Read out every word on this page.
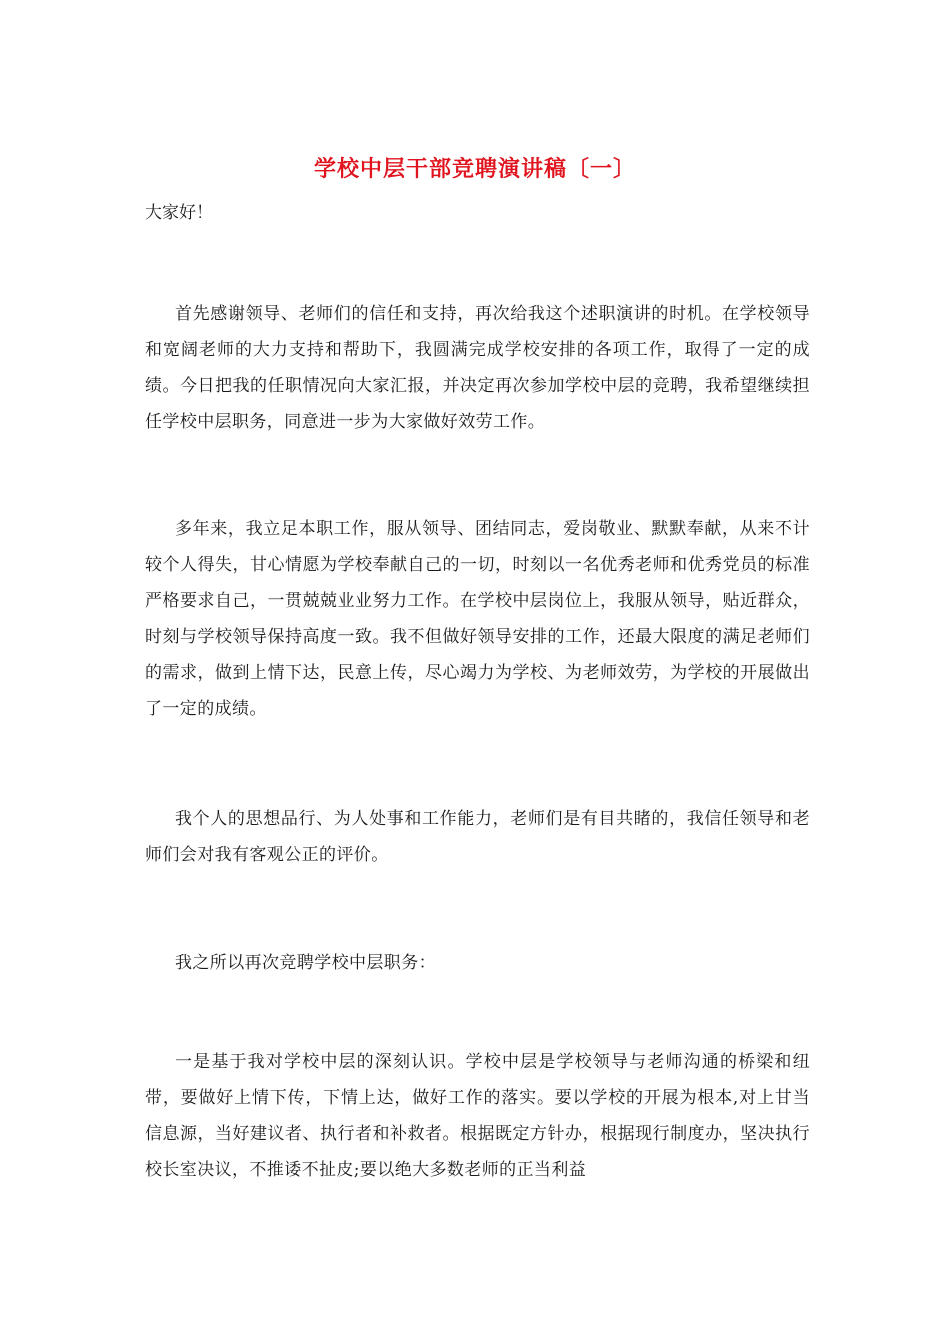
学校中层干部竞聘演讲稿〔一〕
大家好！

首先感谢领导、老师们的信任和支持，再次给我这个述职演讲的时机。在学校领导和宽阔老师的大力支持和帮助下，我圆满完成学校安排的各项工作，取得了一定的成绩。今日把我的任职情况向大家汇报，并决定再次参加学校中层的竞聘，我希望继续担任学校中层职务，同意进一步为大家做好效劳工作。

多年来，我立足本职工作，服从领导、团结同志，爱岗敬业、默默奉献，从来不计较个人得失，甘心情愿为学校奉献自己的一切，时刻以一名优秀老师和优秀党员的标准严格要求自己，一贯兢兢业业努力工作。在学校中层岗位上，我服从领导，贴近群众，时刻与学校领导保持高度一致。我不但做好领导安排的工作，还最大限度的满足老师们的需求，做到上情下达，民意上传，尽心竭力为学校、为老师效劳，为学校的开展做出了一定的成绩。

我个人的思想品行、为人处事和工作能力，老师们是有目共睹的，我信任领导和老师们会对我有客观公正的评价。

我之所以再次竞聘学校中层职务：

一是基于我对学校中层的深刻认识。学校中层是学校领导与老师沟通的桥梁和纽带，要做好上情下传，下情上达，做好工作的落实。要以学校的开展为根本,对上甘当信息源，当好建议者、执行者和补救者。根据既定方针办，根据现行制度办，坚决执行校长室决议，不推诿不扯皮;要以绝大多数老师的正当利益
